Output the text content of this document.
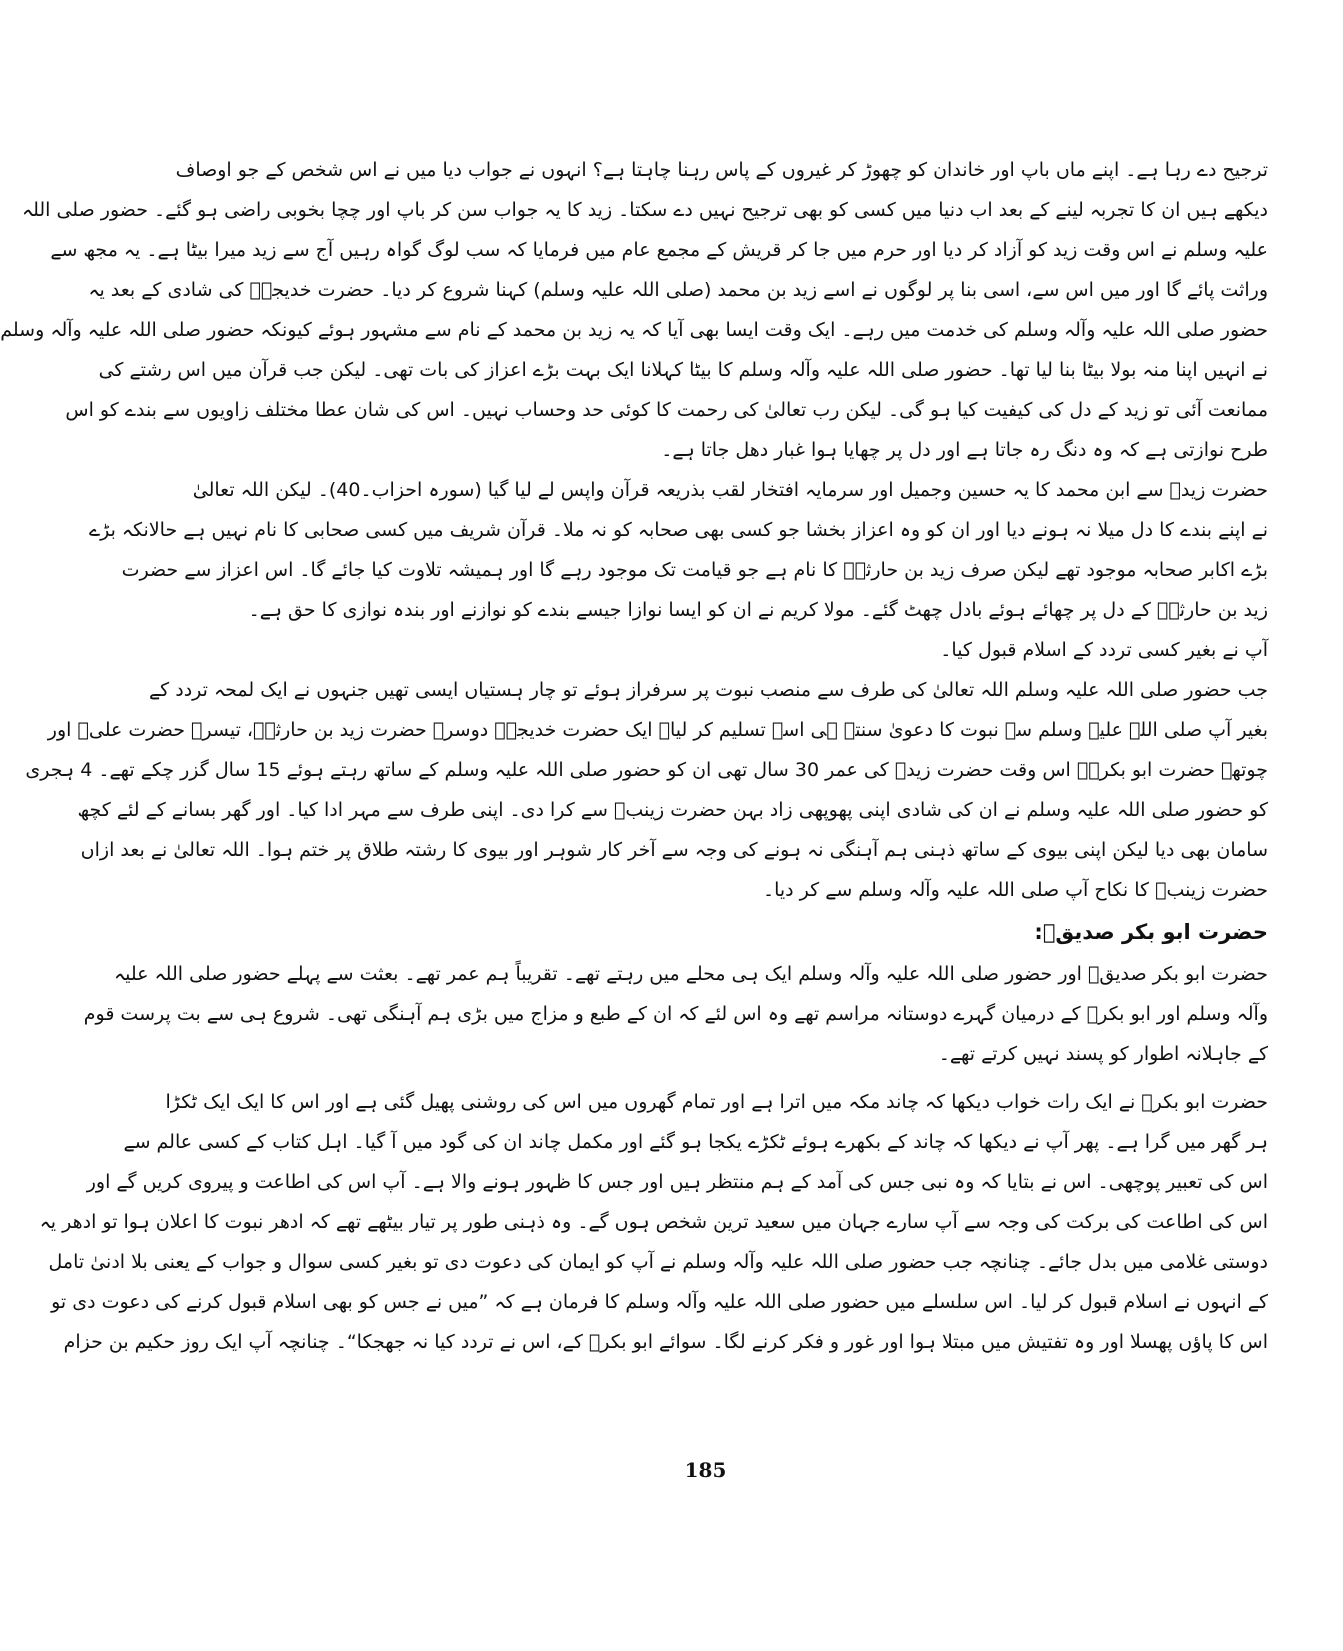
ترجیح دے رہا ہے۔ اپنے ماں باپ اور خاندان کو چھوڑ کر غیروں کے پاس رہنا چاہتا ہے؟ انہوں نے جواب دیا میں نے اس شخص کے جو اوصاف
دیکھے ہیں ان کا تجربہ لینے کے بعد اب دنیا میں کسی کو بھی ترجیح نہیں دے سکتا۔ زید کا یہ جواب سن کر باپ اور چچا بخوبی راضی ہو گئے۔ حضور صلی اللہ
علیہ وسلم نے اس وقت زید کو آزاد کر دیا اور حرم میں جا کر قریش کے مجمع عام میں فرمایا کہ سب لوگ گواہ رہیں آج سے زید میرا بیٹا ہے۔ یہ مجھ سے
وراثت پائے گا اور میں اس سے، اسی بنا پر لوگوں نے اسے زید بن محمد (صلی اللہ علیہ وسلم) کہنا شروع کر دیا۔ حضرت خدیجہؓ کی شادی کے بعد یہ
حضور صلی اللہ علیہ وآلہ وسلم کی خدمت میں رہے۔ ایک وقت ایسا بھی آیا کہ یہ زید بن محمد کے نام سے مشہور ہوئے کیونکہ حضور صلی اللہ علیہ وآلہ وسلم
نے انہیں اپنا منہ بولا بیٹا بنا لیا تھا۔ حضور صلی اللہ علیہ وآلہ وسلم کا بیٹا کہلانا ایک بہت بڑے اعزاز کی بات تھی۔ لیکن جب قرآن میں اس رشتے کی
ممانعت آئی تو زید کے دل کی کیفیت کیا ہو گی۔ لیکن رب تعالیٰ کی رحمت کا کوئی حد وحساب نہیں۔ اس کی شان عطا مختلف زاویوں سے بندے کو اس
طرح نوازتی ہے کہ وہ دنگ رہ جاتا ہے اور دل پر چھایا ہوا غبار دھل جاتا ہے۔
حضرت زیدؓ سے ابن محمد کا یہ حسین وجمیل اور سرمایہ افتخار لقب بذریعہ قرآن واپس لے لیا گیا (سورہ احزاب۔40)۔ لیکن اللہ تعالیٰ
نے اپنے بندے کا دل میلا نہ ہونے دیا اور ان کو وہ اعزاز بخشا جو کسی بھی صحابہ کو نہ ملا۔ قرآن شریف میں کسی صحابی کا نام نہیں ہے حالانکہ بڑے
بڑے اکابر صحابہ موجود تھے لیکن صرف زید بن حارثہؓ کا نام ہے جو قیامت تک موجود رہے گا اور ہمیشہ تلاوت کیا جائے گا۔ اس اعزاز سے حضرت
زید بن حارثہؓ کے دل پر چھائے ہوئے بادل چھٹ گئے۔ مولا کریم نے ان کو ایسا نوازا جیسے بندے کو نوازنے اور بندہ نوازی کا حق ہے۔
آپ نے بغیر کسی تردد کے اسلام قبول کیا۔
جب حضور صلی اللہ علیہ وسلم اللہ تعالیٰ کی طرف سے منصب نبوت پر سرفراز ہوئے تو چار ہستیاں ایسی تھیں جنہوں نے ایک لمحہ تردد کے
بغیر آپ صلی اللہ علیہ وسلم سے نبوت کا دعویٰ سنتے ہی اسے تسلیم کر لیا۔ ایک حضرت خدیجہؓ دوسرے حضرت زید بن حارثہؓ، تیسرے حضرت علیؓ اور
چوتھے حضرت ابو بکرؓ۔ اس وقت حضرت زیدؓ کی عمر 30 سال تھی ان کو حضور صلی اللہ علیہ وسلم کے ساتھ رہتے ہوئے 15 سال گزر چکے تھے۔ 4 ہجری
کو حضور صلی اللہ علیہ وسلم نے ان کی شادی اپنی پھوپھی زاد بہن حضرت زینبؓ سے کرا دی۔ اپنی طرف سے مہر ادا کیا۔ اور گھر بسانے کے لئے کچھ
سامان بھی دیا لیکن اپنی بیوی کے ساتھ ذہنی ہم آہنگی نہ ہونے کی وجہ سے آخر کار شوہر اور بیوی کا رشتہ طلاق پر ختم ہوا۔ اللہ تعالیٰ نے بعد ازاں
حضرت زینبؓ کا نکاح آپ صلی اللہ علیہ وآلہ وسلم سے کر دیا۔
حضرت ابو بکر صدیقؓ:
حضرت ابو بکر صدیقؓ اور حضور صلی اللہ علیہ وآلہ وسلم ایک ہی محلے میں رہتے تھے۔ تقریباً ہم عمر تھے۔ بعثت سے پہلے حضور صلی اللہ علیہ
وآلہ وسلم اور ابو بکرؓ کے درمیان گہرے دوستانہ مراسم تھے وہ اس لئے کہ ان کے طبع و مزاج میں بڑی ہم آہنگی تھی۔ شروع ہی سے بت پرست قوم
کے جاہلانہ اطوار کو پسند نہیں کرتے تھے۔
حضرت ابو بکرؓ نے ایک رات خواب دیکھا کہ چاند مکہ میں اترا ہے اور تمام گھروں میں اس کی روشنی پھیل گئی ہے اور اس کا ایک ایک ٹکڑا
ہر گھر میں گرا ہے۔ پھر آپ نے دیکھا کہ چاند کے بکھرے ہوئے ٹکڑے یکجا ہو گئے اور مکمل چاند ان کی گود میں آ گیا۔ اہل کتاب کے کسی عالم سے
اس کی تعبیر پوچھی۔ اس نے بتایا کہ وہ نبی جس کی آمد کے ہم منتظر ہیں اور جس کا ظہور ہونے والا ہے۔ آپ اس کی اطاعت و پیروی کریں گے اور
اس کی اطاعت کی برکت کی وجہ سے آپ سارے جہان میں سعید ترین شخص ہوں گے۔ وہ ذہنی طور پر تیار بیٹھے تھے کہ ادھر نبوت کا اعلان ہوا تو ادھر یہ
دوستی غلامی میں بدل جائے۔ چنانچہ جب حضور صلی اللہ علیہ وآلہ وسلم نے آپ کو ایمان کی دعوت دی تو بغیر کسی سوال و جواب کے یعنی بلا ادنیٰ تامل
کے انہوں نے اسلام قبول کر لیا۔ اس سلسلے میں حضور صلی اللہ علیہ وآلہ وسلم کا فرمان ہے کہ ”میں نے جس کو بھی اسلام قبول کرنے کی دعوت دی تو
اس کا پاؤں پھسلا اور وہ تفتیش میں مبتلا ہوا اور غور و فکر کرنے لگا۔ سوائے ابو بکرؓ کے، اس نے تردد کیا نہ جھجکا“۔ چنانچہ آپ ایک روز حکیم بن حزام
185
